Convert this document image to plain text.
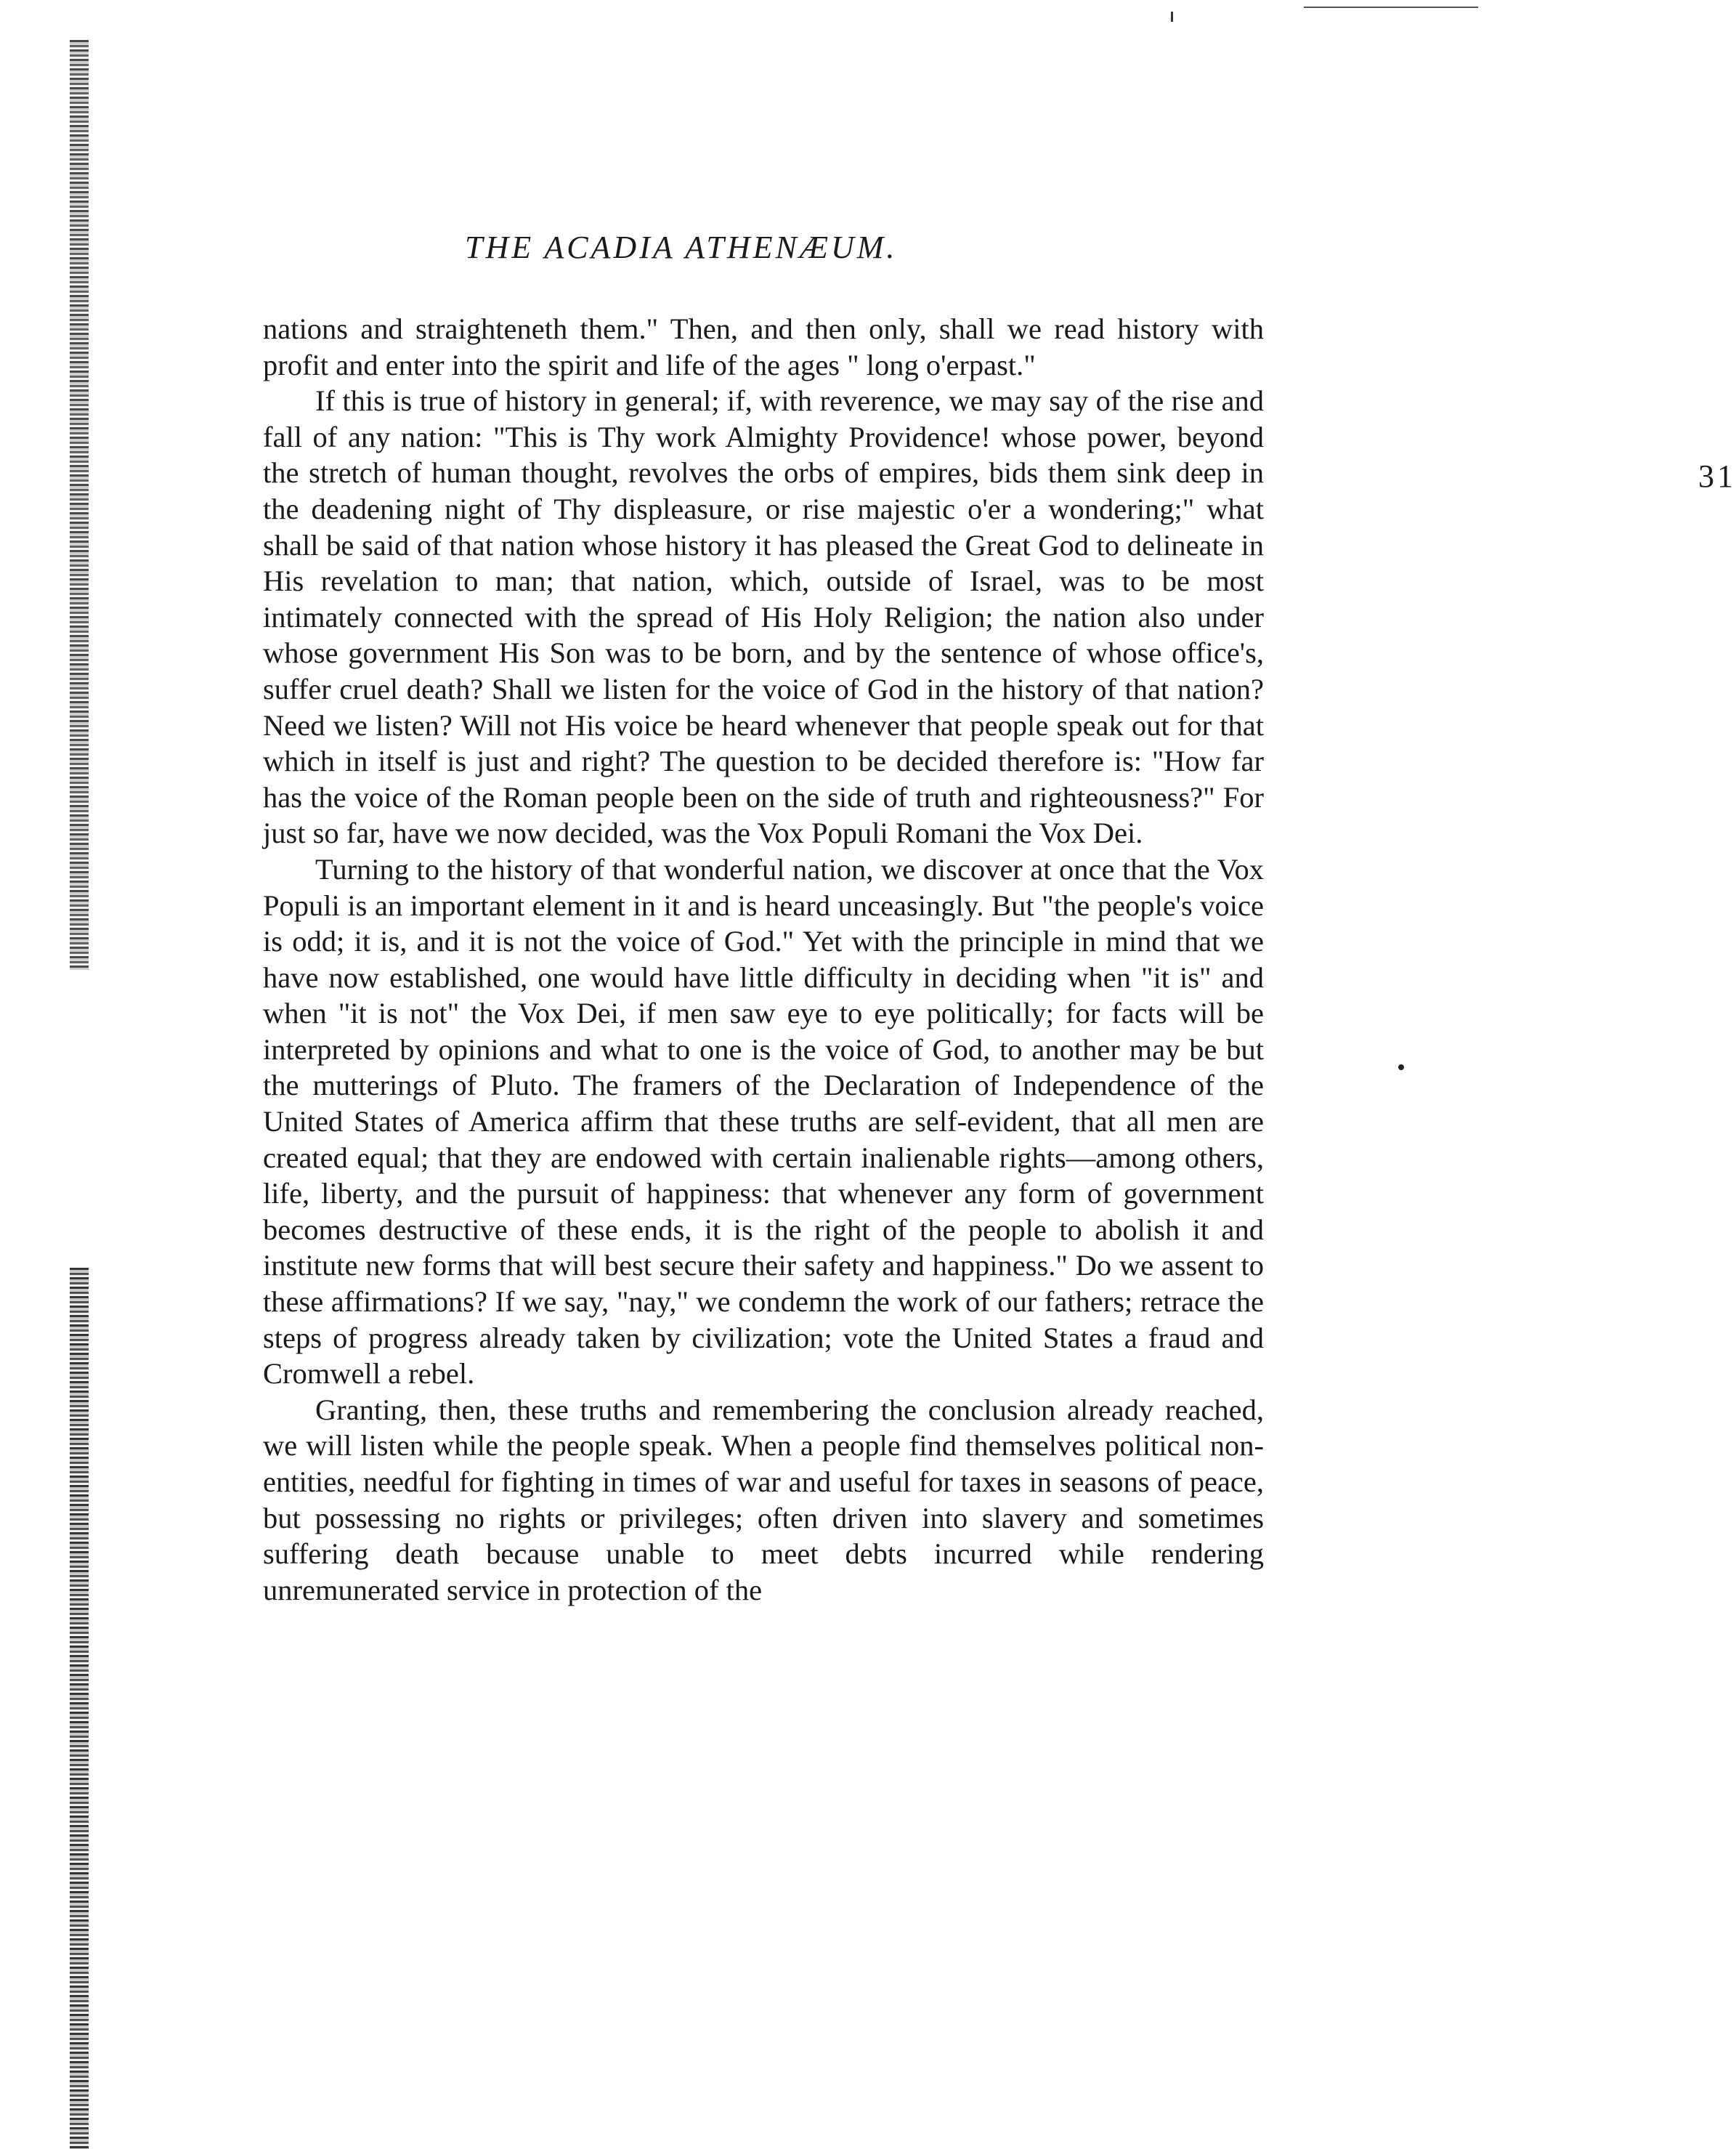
THE ACADIA ATHENÆUM.
31

nations and straighteneth them." Then, and then only, shall we read history with profit and enter into the spirit and life of the ages " long o'erpast."

If this is true of history in general; if, with reverence, we may say of the rise and fall of any nation: "This is Thy work Almighty Providence! whose power, beyond the stretch of human thought, revolves the orbs of empires, bids them sink deep in the deadening night of Thy displeasure, or rise majestic o'er a wondering;" what shall be said of that nation whose history it has pleased the Great God to delineate in His revelation to man; that nation, which, outside of Israel, was to be most intimately connected with the spread of His Holy Religion; the nation also under whose government His Son was to be born, and by the sentence of whose office's, suffer cruel death? Shall we listen for the voice of God in the history of that nation? Need we listen? Will not His voice be heard whenever that people speak out for that which in itself is just and right? The question to be decided therefore is: "How far has the voice of the Roman people been on the side of truth and righteousness?" For just so far, have we now decided, was the Vox Populi Romani the Vox Dei.

Turning to the history of that wonderful nation, we discover at once that the Vox Populi is an important element in it and is heard unceasingly. But "the people's voice is odd; it is, and it is not the voice of God." Yet with the principle in mind that we have now established, one would have little difficulty in deciding when "it is" and when "it is not" the Vox Dei, if men saw eye to eye politically; for facts will be interpreted by opinions and what to one is the voice of God, to another may be but the mutterings of Pluto. The framers of the Declaration of Independence of the United States of America affirm that these truths are self-evident, that all men are created equal; that they are endowed with certain inalienable rights—among others, life, liberty, and the pursuit of happiness: that whenever any form of government becomes destructive of these ends, it is the right of the people to abolish it and institute new forms that will best secure their safety and happiness." Do we assent to these affirmations? If we say, "nay," we condemn the work of our fathers; retrace the steps of progress already taken by civilization; vote the United States a fraud and Cromwell a rebel.

Granting, then, these truths and remembering the conclusion already reached, we will listen while the people speak. When a people find themselves political non-entities, needful for fighting in times of war and useful for taxes in seasons of peace, but possessing no rights or privileges; often driven into slavery and sometimes suffering death because unable to meet debts incurred while rendering unremunerated service in protection of the
